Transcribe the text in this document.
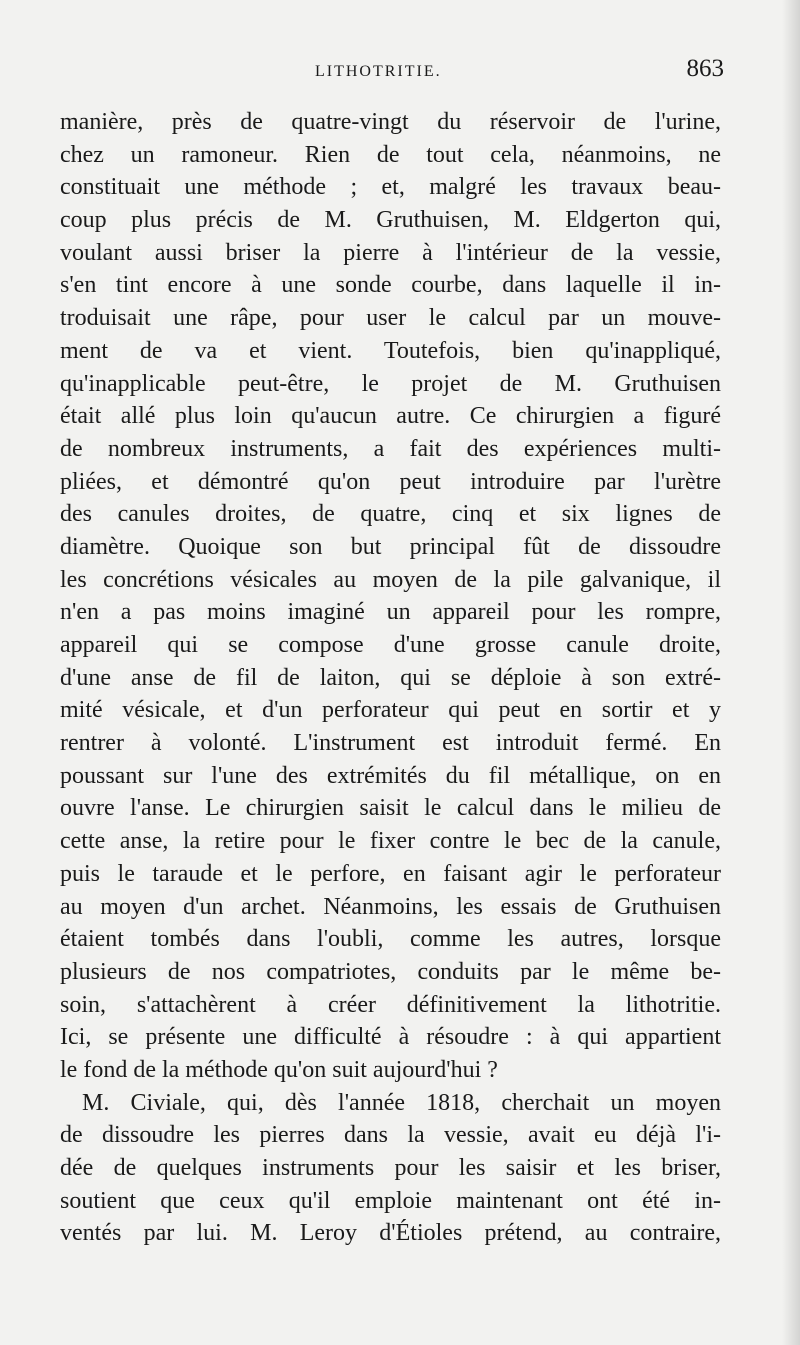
LITHOTRITIE.	863
manière, près de quatre-vingt du réservoir de l'urine,
chez un ramoneur. Rien de tout cela, néanmoins, ne
constituait une méthode ; et, malgré les travaux beau-
coup plus précis de M. Gruthuisen, M. Eldgerton qui,
voulant aussi briser la pierre à l'intérieur de la vessie,
s'en tint encore à une sonde courbe, dans laquelle il in-
troduisait une râpe, pour user le calcul par un mouve-
ment de va et vient. Toutefois, bien qu'inappliqué,
qu'inapplicable peut-être, le projet de M. Gruthuisen
était allé plus loin qu'aucun autre. Ce chirurgien a figuré
de nombreux instruments, a fait des expériences multi-
pliées, et démontré qu'on peut introduire par l'urètre
des canules droites, de quatre, cinq et six lignes de
diamètre. Quoique son but principal fût de dissoudre
les concrétions vésicales au moyen de la pile galvanique, il
n'en a pas moins imaginé un appareil pour les rompre,
appareil qui se compose d'une grosse canule droite,
d'une anse de fil de laiton, qui se déploie à son extré-
mité vésicale, et d'un perforateur qui peut en sortir et y
rentrer à volonté. L'instrument est introduit fermé. En
poussant sur l'une des extrémités du fil métallique, on en
ouvre l'anse. Le chirurgien saisit le calcul dans le milieu de
cette anse, la retire pour le fixer contre le bec de la canule,
puis le taraude et le perfore, en faisant agir le perforateur
au moyen d'un archet. Néanmoins, les essais de Gruthuisen
étaient tombés dans l'oubli, comme les autres, lorsque
plusieurs de nos compatriotes, conduits par le même be-
soin, s'attachèrent à créer définitivement la lithotritie.
Ici, se présente une difficulté à résoudre : à qui appartient
le fond de la méthode qu'on suit aujourd'hui ?
M. Civiale, qui, dès l'année 1818, cherchait un moyen
de dissoudre les pierres dans la vessie, avait eu déjà l'i-
dée de quelques instruments pour les saisir et les briser,
soutient que ceux qu'il emploie maintenant ont été in-
ventés par lui. M. Leroy d'Étioles prétend, au contraire,
